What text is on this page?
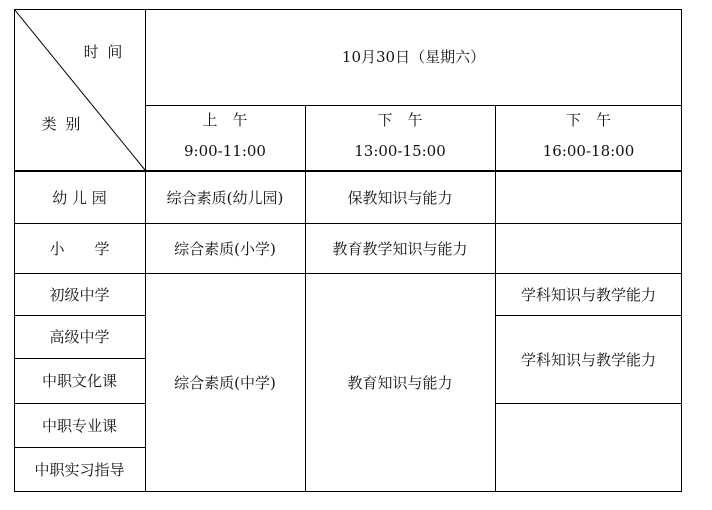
时 间
类 别
10月30日（星期六）
上　午
9:00-11:00
下　午
13:00-15:00
下　午
16:00-18:00
幼 儿 园
小　　学
初级中学
高级中学
中职文化课
中职专业课
中职实习指导
综合素质(幼儿园)
综合素质(小学)
综合素质(中学)
保教知识与能力
教育教学知识与能力
教育知识与能力
学科知识与教学能力
学科知识与教学能力
